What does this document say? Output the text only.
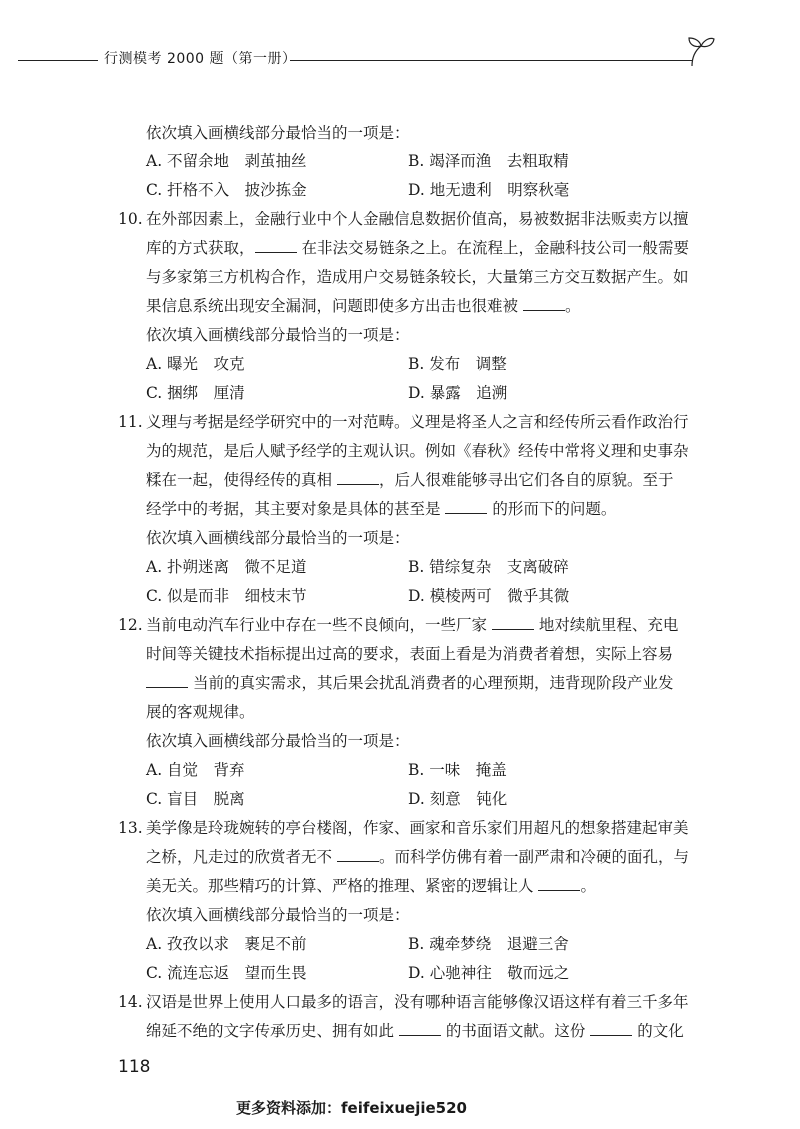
行测模考 2000 题（第一册）
依次填入画横线部分最恰当的一项是：
A. 不留余地　剥茧抽丝	B. 竭泽而渔　去粗取精
C. 扞格不入　披沙拣金	D. 地无遗利　明察秋毫
10. 在外部因素上，金融行业中个人金融信息数据价值高，易被数据非法贩卖方以擅
库的方式获取，	在非法交易链条之上。在流程上，金融科技公司一般需要
与多家第三方机构合作，造成用户交易链条较长，大量第三方交互数据产生。如
果信息系统出现安全漏洞，问题即使多方出击也很难被	。
依次填入画横线部分最恰当的一项是：
A. 曝光　攻克	B. 发布　调整
C. 捆绑　厘清	D. 暴露　追溯
11. 义理与考据是经学研究中的一对范畴。义理是将圣人之言和经传所云看作政治行
为的规范，是后人赋予经学的主观认识。例如《春秋》经传中常将义理和史事杂
糅在一起，使得经传的真相	，后人很难能够寻出它们各自的原貌。至于
经学中的考据，其主要对象是具体的甚至是	的形而下的问题。
依次填入画横线部分最恰当的一项是：
A. 扑朔迷离　微不足道	B. 错综复杂　支离破碎
C. 似是而非　细枝末节	D. 模棱两可　微乎其微
12. 当前电动汽车行业中存在一些不良倾向，一些厂家	地对续航里程、充电
时间等关键技术指标提出过高的要求，表面上看是为消费者着想，实际上容易
当前的真实需求，其后果会扰乱消费者的心理预期，违背现阶段产业发
展的客观规律。
依次填入画横线部分最恰当的一项是：
A. 自觉　背弃	B. 一味　掩盖
C. 盲目　脱离	D. 刻意　钝化
13. 美学像是玲珑婉转的亭台楼阁，作家、画家和音乐家们用超凡的想象搭建起审美
之桥，凡走过的欣赏者无不	。而科学仿佛有着一副严肃和冷硬的面孔，与
美无关。那些精巧的计算、严格的推理、紧密的逻辑让人	。
依次填入画横线部分最恰当的一项是：
A. 孜孜以求　裹足不前	B. 魂牵梦绕　退避三舍
C. 流连忘返　望而生畏	D. 心驰神往　敬而远之
14. 汉语是世界上使用人口最多的语言，没有哪种语言能够像汉语这样有着三千多年
绵延不绝的文字传承历史、拥有如此	的书面语文献。这份	的文化
118
更多资料添加：feifeixuejie520
